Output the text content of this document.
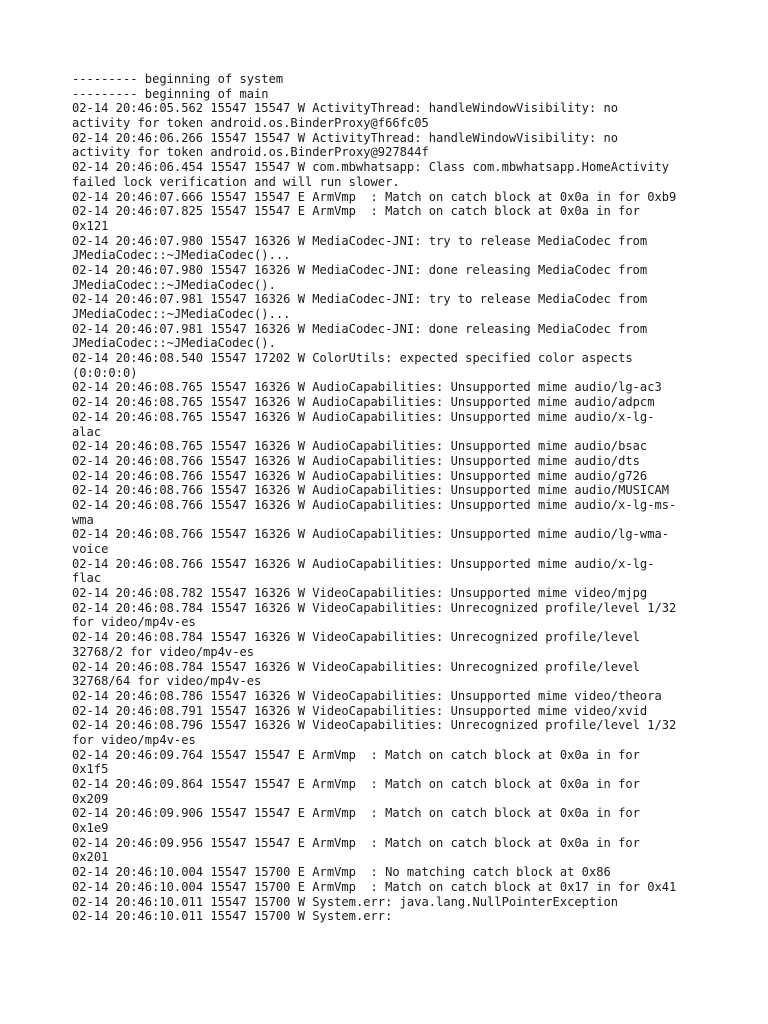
--------- beginning of system
--------- beginning of main
02-14 20:46:05.562 15547 15547 W ActivityThread: handleWindowVisibility: no
activity for token android.os.BinderProxy@f66fc05
02-14 20:46:06.266 15547 15547 W ActivityThread: handleWindowVisibility: no
activity for token android.os.BinderProxy@927844f
02-14 20:46:06.454 15547 15547 W com.mbwhatsapp: Class com.mbwhatsapp.HomeActivity
failed lock verification and will run slower.
02-14 20:46:07.666 15547 15547 E ArmVmp  : Match on catch block at 0x0a in for 0xb9
02-14 20:46:07.825 15547 15547 E ArmVmp  : Match on catch block at 0x0a in for
0x121
02-14 20:46:07.980 15547 16326 W MediaCodec-JNI: try to release MediaCodec from
JMediaCodec::~JMediaCodec()...
02-14 20:46:07.980 15547 16326 W MediaCodec-JNI: done releasing MediaCodec from
JMediaCodec::~JMediaCodec().
02-14 20:46:07.981 15547 16326 W MediaCodec-JNI: try to release MediaCodec from
JMediaCodec::~JMediaCodec()...
02-14 20:46:07.981 15547 16326 W MediaCodec-JNI: done releasing MediaCodec from
JMediaCodec::~JMediaCodec().
02-14 20:46:08.540 15547 17202 W ColorUtils: expected specified color aspects
(0:0:0:0)
02-14 20:46:08.765 15547 16326 W AudioCapabilities: Unsupported mime audio/lg-ac3
02-14 20:46:08.765 15547 16326 W AudioCapabilities: Unsupported mime audio/adpcm
02-14 20:46:08.765 15547 16326 W AudioCapabilities: Unsupported mime audio/x-lg-
alac
02-14 20:46:08.765 15547 16326 W AudioCapabilities: Unsupported mime audio/bsac
02-14 20:46:08.766 15547 16326 W AudioCapabilities: Unsupported mime audio/dts
02-14 20:46:08.766 15547 16326 W AudioCapabilities: Unsupported mime audio/g726
02-14 20:46:08.766 15547 16326 W AudioCapabilities: Unsupported mime audio/MUSICAM
02-14 20:46:08.766 15547 16326 W AudioCapabilities: Unsupported mime audio/x-lg-ms-
wma
02-14 20:46:08.766 15547 16326 W AudioCapabilities: Unsupported mime audio/lg-wma-
voice
02-14 20:46:08.766 15547 16326 W AudioCapabilities: Unsupported mime audio/x-lg-
flac
02-14 20:46:08.782 15547 16326 W VideoCapabilities: Unsupported mime video/mjpg
02-14 20:46:08.784 15547 16326 W VideoCapabilities: Unrecognized profile/level 1/32
for video/mp4v-es
02-14 20:46:08.784 15547 16326 W VideoCapabilities: Unrecognized profile/level
32768/2 for video/mp4v-es
02-14 20:46:08.784 15547 16326 W VideoCapabilities: Unrecognized profile/level
32768/64 for video/mp4v-es
02-14 20:46:08.786 15547 16326 W VideoCapabilities: Unsupported mime video/theora
02-14 20:46:08.791 15547 16326 W VideoCapabilities: Unsupported mime video/xvid
02-14 20:46:08.796 15547 16326 W VideoCapabilities: Unrecognized profile/level 1/32
for video/mp4v-es
02-14 20:46:09.764 15547 15547 E ArmVmp  : Match on catch block at 0x0a in for
0x1f5
02-14 20:46:09.864 15547 15547 E ArmVmp  : Match on catch block at 0x0a in for
0x209
02-14 20:46:09.906 15547 15547 E ArmVmp  : Match on catch block at 0x0a in for
0x1e9
02-14 20:46:09.956 15547 15547 E ArmVmp  : Match on catch block at 0x0a in for
0x201
02-14 20:46:10.004 15547 15700 E ArmVmp  : No matching catch block at 0x86
02-14 20:46:10.004 15547 15700 E ArmVmp  : Match on catch block at 0x17 in for 0x41
02-14 20:46:10.011 15547 15700 W System.err: java.lang.NullPointerException
02-14 20:46:10.011 15547 15700 W System.err:
